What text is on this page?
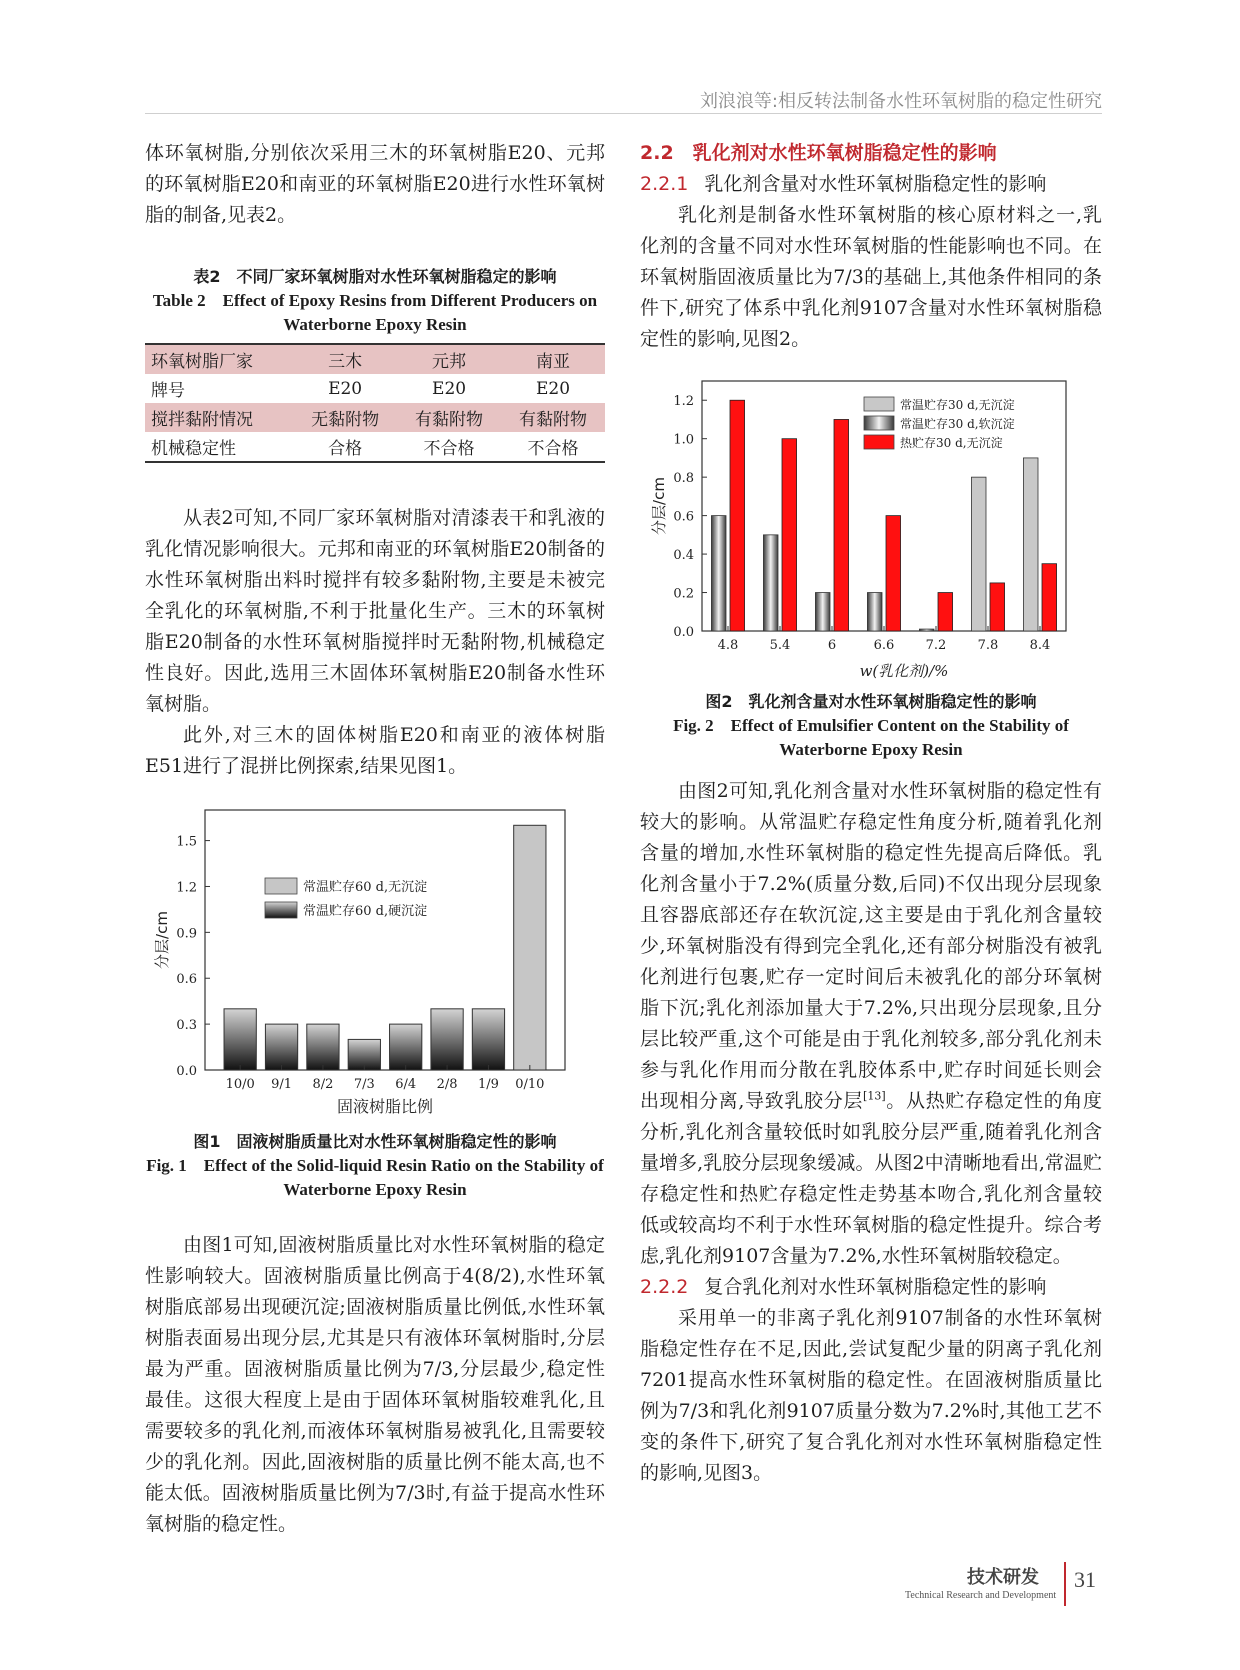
刘浪浪等:相反转法制备水性环氧树脂的稳定性研究

体环氧树脂,分别依次采用三木的环氧树脂E20、元邦的环氧树脂E20和南亚的环氧树脂E20进行水性环氧树脂的制备,见表2。

表2　不同厂家环氧树脂对水性环氧树脂稳定的影响
Table 2　Effect of Epoxy Resins from Different Producers on Waterborne Epoxy Resin
环氧树脂厂家	三木	元邦	南亚
牌号	E20	E20	E20
搅拌黏附情况	无黏附物	有黏附物	有黏附物
机械稳定性	合格	不合格	不合格

从表2可知,不同厂家环氧树脂对清漆表干和乳液的乳化情况影响很大。元邦和南亚的环氧树脂E20制备的水性环氧树脂出料时搅拌有较多黏附物,主要是未被完全乳化的环氧树脂,不利于批量化生产。三木的环氧树脂E20制备的水性环氧树脂搅拌时无黏附物,机械稳定性良好。因此,选用三木固体环氧树脂E20制备水性环氧树脂。

此外,对三木的固体树脂E20和南亚的液体树脂E51进行了混拼比例探索,结果见图1。

0.0
0.3
0.6
0.9
1.2
1.5
10/0 9/1 8/2 7/3 6/4 2/8 1/9 0/10
分层/cm
固液树脂比例
常温贮存60 d,无沉淀
常温贮存60 d,硬沉淀
图1　固液树脂质量比对水性环氧树脂稳定性的影响
Fig. 1　Effect of the Solid-liquid Resin Ratio on the Stability of Waterborne Epoxy Resin

由图1可知,固液树脂质量比对水性环氧树脂的稳定性影响较大。固液树脂质量比例高于4(8/2),水性环氧树脂底部易出现硬沉淀;固液树脂质量比例低,水性环氧树脂表面易出现分层,尤其是只有液体环氧树脂时,分层最为严重。固液树脂质量比例为7/3,分层最少,稳定性最佳。这很大程度上是由于固体环氧树脂较难乳化,且需要较多的乳化剂,而液体环氧树脂易被乳化,且需要较少的乳化剂。因此,固液树脂的质量比例不能太高,也不能太低。固液树脂质量比例为7/3时,有益于提高水性环氧树脂的稳定性。

2.2　乳化剂对水性环氧树脂稳定性的影响
2.2.1 乳化剂含量对水性环氧树脂稳定性的影响

乳化剂是制备水性环氧树脂的核心原材料之一,乳化剂的含量不同对水性环氧树脂的性能影响也不同。在环氧树脂固液质量比为7/3的基础上,其他条件相同的条件下,研究了体系中乳化剂9107含量对水性环氧树脂稳定性的影响,见图2。

0.0
0.2
0.4
0.6
0.8
1.0
1.2
4.8 5.4	6	6.6 7.2 7.8 8.4
分层/cm
w(乳化剂)/%
常温贮存30 d,无沉淀
常温贮存30 d,软沉淀
热贮存30 d,无沉淀
图2　乳化剂含量对水性环氧树脂稳定性的影响
Fig. 2　Effect of Emulsifier Content on the Stability of Waterborne Epoxy Resin

由图2可知,乳化剂含量对水性环氧树脂的稳定性有较大的影响。从常温贮存稳定性角度分析,随着乳化剂含量的增加,水性环氧树脂的稳定性先提高后降低。乳化剂含量小于7.2%(质量分数,后同)不仅出现分层现象且容器底部还存在软沉淀,这主要是由于乳化剂含量较少,环氧树脂没有得到完全乳化,还有部分树脂没有被乳化剂进行包裹,贮存一定时间后未被乳化的部分环氧树脂下沉;乳化剂添加量大于7.2%,只出现分层现象,且分层比较严重,这个可能是由于乳化剂较多,部分乳化剂未参与乳化作用而分散在乳胶体系中,贮存时间延长则会出现相分离,导致乳胶分层[13]。从热贮存稳定性的角度分析,乳化剂含量较低时如乳胶分层严重,随着乳化剂含量增多,乳胶分层现象缓减。从图2中清晰地看出,常温贮存稳定性和热贮存稳定性走势基本吻合,乳化剂含量较低或较高均不利于水性环氧树脂的稳定性提升。综合考虑,乳化剂9107含量为7.2%,水性环氧树脂较稳定。

2.2.2 复合乳化剂对水性环氧树脂稳定性的影响

采用单一的非离子乳化剂9107制备的水性环氧树脂稳定性存在不足,因此,尝试复配少量的阴离子乳化剂7201提高水性环氧树脂的稳定性。在固液树脂质量比例为7/3和乳化剂9107质量分数为7.2%时,其他工艺不变的条件下,研究了复合乳化剂对水性环氧树脂稳定性的影响,见图3。

技术研发
Technical Research and Development
31
